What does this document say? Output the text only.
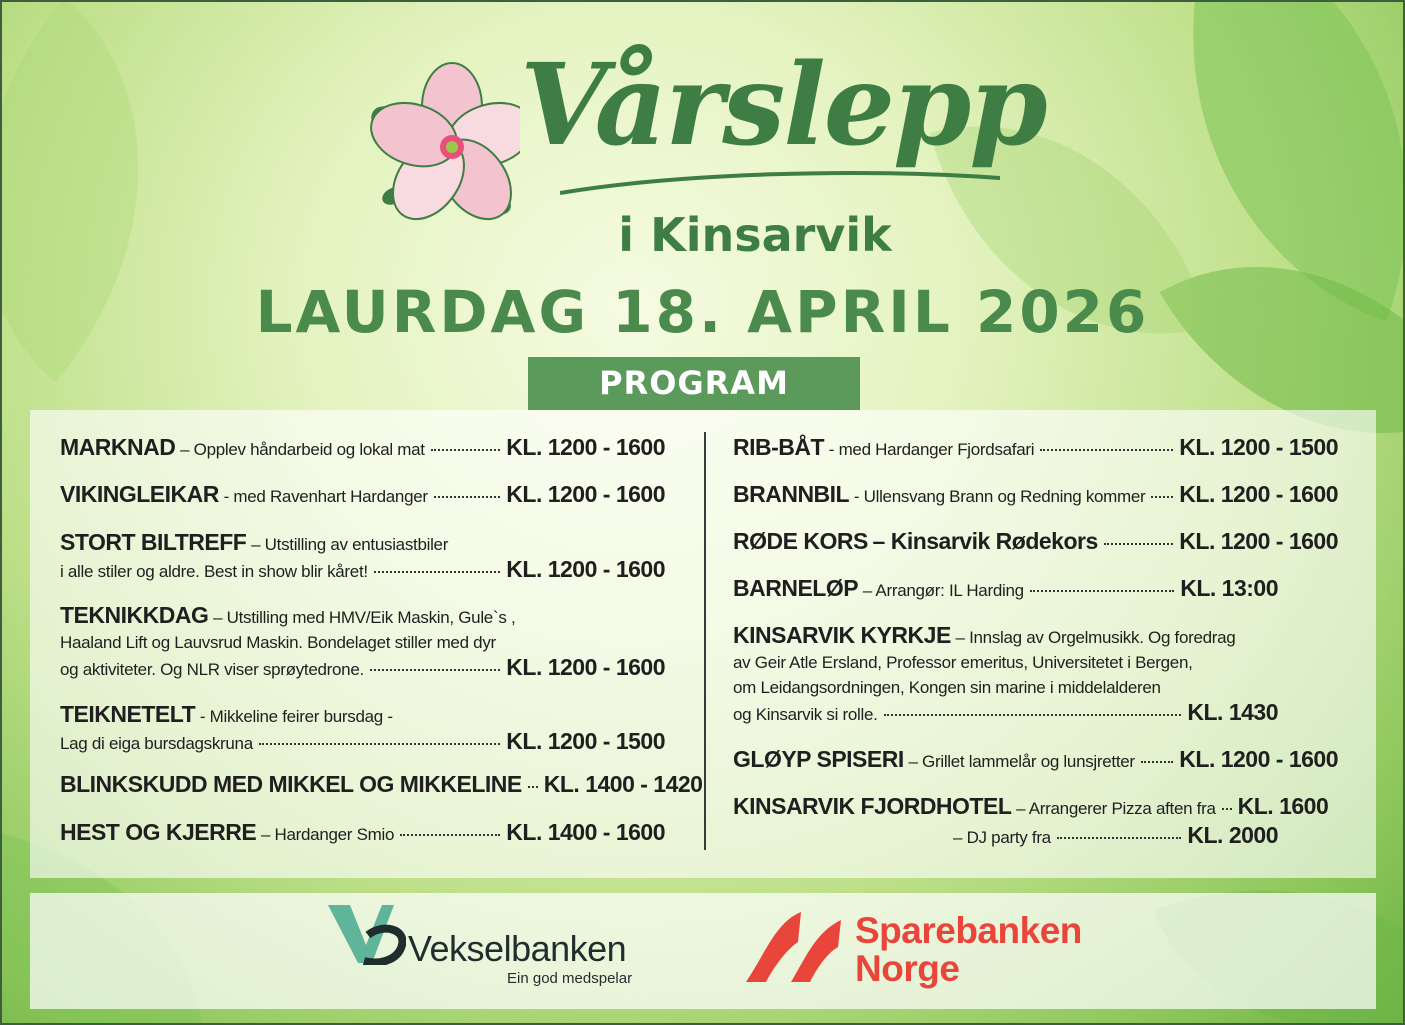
Vårslepp
i Kinsarvik
LAURDAG 18. APRIL 2026
PROGRAM
MARKNAD
– Opplev håndarbeid og lokal mat	KL. 1200 - 1600
VIKINGLEIKAR
- med Ravenhart Hardanger	KL. 1200 - 1600
STORT BILTREFF
– Utstilling av entusiastbiler
i alle stiler og aldre. Best in show blir kåret!	KL. 1200 - 1600
TEKNIKKDAG
– Utstilling med HMV/Eik Maskin, Gule`s ,
Haaland Lift og Lauvsrud Maskin. Bondelaget stiller med dyr
og aktiviteter. Og NLR viser sprøytedrone.	KL. 1200 - 1600
TEIKNETELT
- Mikkeline feirer bursdag -
Lag di eiga bursdagskruna	KL. 1200 - 1500
BLINKSKUDD MED MIKKEL OG MIKKELINE KL. 1400 - 1420
HEST OG KJERRE
– Hardanger Smio	KL. 1400 - 1600
RIB-BÅT
- med Hardanger Fjordsafari	KL. 1200 - 1500
BRANNBIL
- Ullensvang Brann og Redning kommer KL. 1200 - 1600
RØDE KORS
– Kinsarvik Rødekors	KL. 1200 - 1600
BARNELØP
– Arrangør: IL Harding	KL. 13:00
KINSARVIK KYRKJE
– Innslag av Orgelmusikk. Og foredrag
av Geir Atle Ersland, Professor emeritus, Universitetet i Bergen,
om Leidangsordningen, Kongen sin marine i middelalderen
og Kinsarvik si rolle.	KL. 1430
GLØYP SPISERI
– Grillet lammelår og lunsjretter KL. 1200 - 1600
KINSARVIK FJORDHOTEL
– Arrangerer Pizza aften fra KL. 1600
– DJ party fra	KL. 2000
Vekselbanken
Ein god medspelar
Sparebanken
Norge
